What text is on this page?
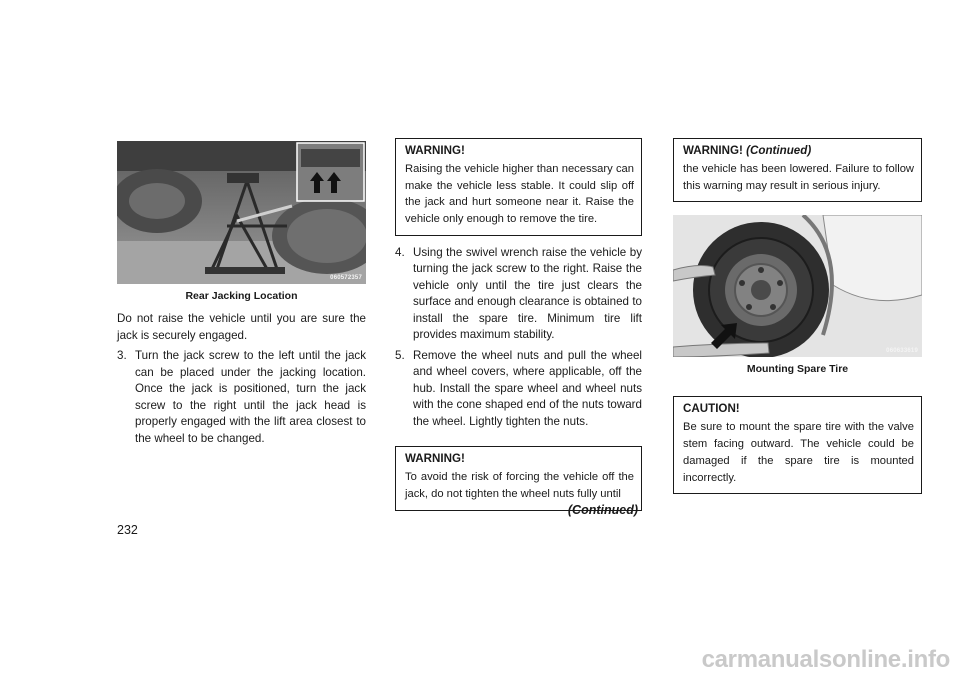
060572357
Rear Jacking Location

Do not raise the vehicle until you are sure the jack is securely engaged.

3. Turn the jack screw to the left until the jack can be placed under the jacking location. Once the jack is positioned, turn the jack screw to the right until the jack head is properly engaged with the lift area closest to the wheel to be changed.
WARNING!
Raising the vehicle higher than necessary can make the vehicle less stable. It could slip off the jack and hurt someone near it. Raise the vehicle only enough to remove the tire.
4. Using the swivel wrench raise the vehicle by turning the jack screw to the right. Raise the vehicle only until the tire just clears the surface and enough clearance is obtained to install the spare tire. Minimum tire lift provides maximum stability.
5. Remove the wheel nuts and pull the wheel and wheel covers, where applicable, off the hub. Install the spare wheel and wheel nuts with the cone shaped end of the nuts toward the wheel. Lightly tighten the nuts.
WARNING!
To avoid the risk of forcing the vehicle off the jack, do not tighten the wheel nuts fully until
(Continued)
WARNING! (Continued)
the vehicle has been lowered. Failure to follow this warning may result in serious injury.
060633619
Mounting Spare Tire
CAUTION!
Be sure to mount the spare tire with the valve stem facing outward. The vehicle could be damaged if the spare tire is mounted incorrectly.
232
carmanualsonline.info
